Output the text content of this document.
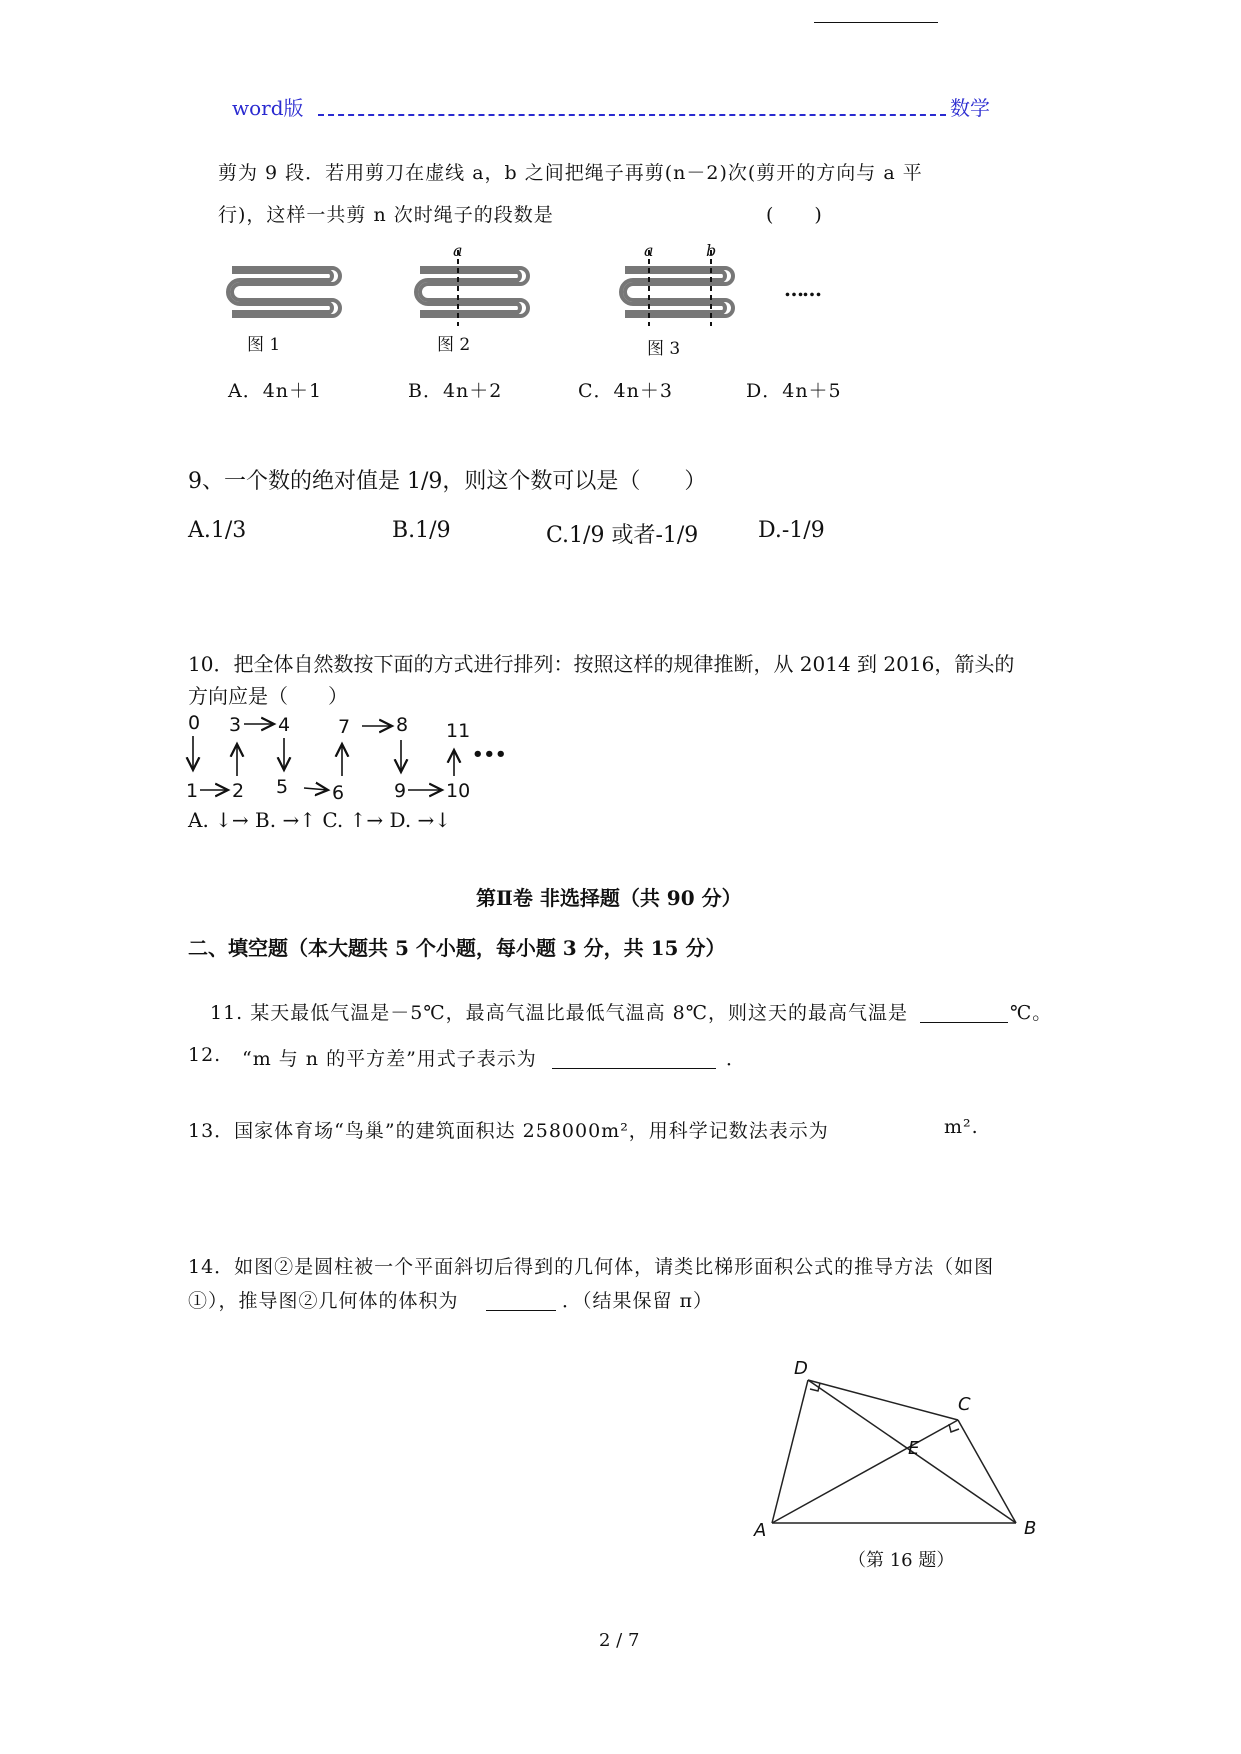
word版	数学
剪为 9 段．若用剪刀在虚线 a，b 之间把绳子再剪(n－2)次(剪开的方向与 a 平
行)，这样一共剪 n 次时绳子的段数是	(　　)
图 1
a
图 2
a	b
图 3
……
A．4n＋1	B．4n＋2	C．4n＋3	D．4n＋5
9、一个数的绝对值是 1/9，则这个数可以是（　　）
A.1/3	B.1/9	C.1/9 或者-1/9	D.-1/9
10．把全体自然数按下面的方式进行排列：按照这样的规律推断，从 2014 到 2016，箭头的
方向应是（　　）
0
1 2
3 4
5 6
7 8
9 10
11
•••
A. ↓→ B. →↑ C. ↑→ D. →↓
第Ⅱ卷 非选择题（共 90 分）
二、填空题（本大题共 5 个小题，每小题 3 分，共 15 分）
11. 某天最低气温是－5℃，最高气温比最低气温高 8℃，则这天的最高气温是	℃。
12. “m 与 n 的平方差”用式子表示为	．
13．国家体育场“鸟巢”的建筑面积达 258000m²，用科学记数法表示为	m².
14．如图②是圆柱被一个平面斜切后得到的几何体，请类比梯形面积公式的推导方法（如图
①），推导图②几何体的体积为	．（结果保留 π）
D
C
E
A	B
（第 16 题）
2 / 7
